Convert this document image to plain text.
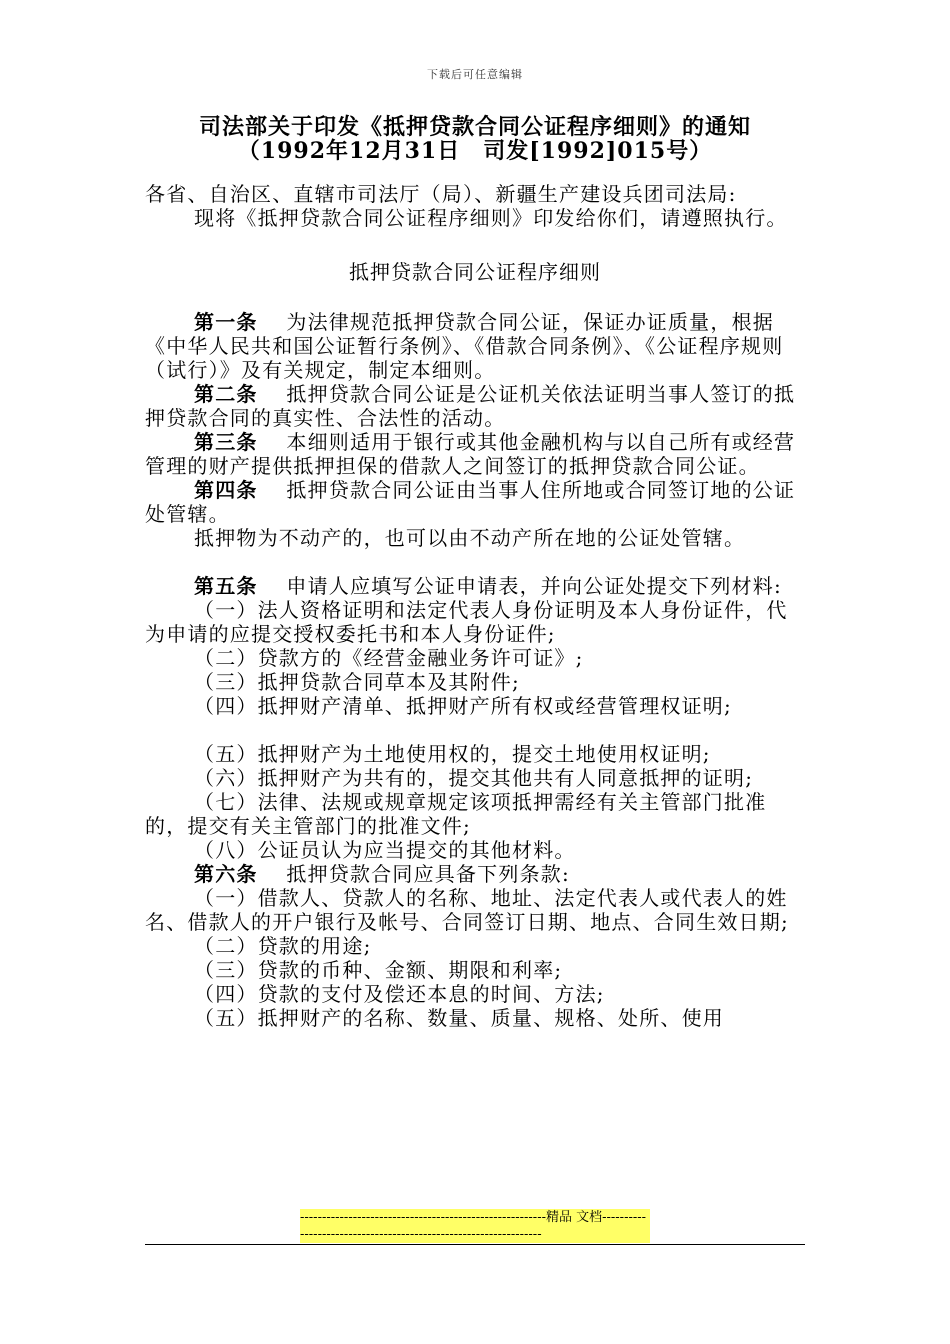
下载后可任意编辑
司法部关于印发《抵押贷款合同公证程序细则》的通知
（1992年12月31日　司发[1992]015号）

各省、自治区、直辖市司法厅（局）、新疆生产建设兵团司法局:

现将《抵押贷款合同公证程序细则》印发给你们，请遵照执行。

抵押贷款合同公证程序细则

第一条　 为法律规范抵押贷款合同公证，保证办证质量，根据《中华人民共和国公证暂行条例》、《借款合同条例》、《公证程序规则（试行）》及有关规定，制定本细则。

第二条　 抵押贷款合同公证是公证机关依法证明当事人签订的抵押贷款合同的真实性、合法性的活动。

第三条　 本细则适用于银行或其他金融机构与以自己所有或经营管理的财产提供抵押担保的借款人之间签订的抵押贷款合同公证。

第四条　 抵押贷款合同公证由当事人住所地或合同签订地的公证处管辖。

抵押物为不动产的，也可以由不动产所在地的公证处管辖。

第五条　 申请人应填写公证申请表，并向公证处提交下列材料:

（一）法人资格证明和法定代表人身份证明及本人身份证件，代为申请的应提交授权委托书和本人身份证件;

（二）贷款方的《经营金融业务许可证》;

（三）抵押贷款合同草本及其附件;

（四）抵押财产清单、抵押财产所有权或经营管理权证明;

（五）抵押财产为土地使用权的，提交土地使用权证明;

（六）抵押财产为共有的，提交其他共有人同意抵押的证明;

（七）法律、法规或规章规定该项抵押需经有关主管部门批准的，提交有关主管部门的批准文件;

（八）公证员认为应当提交的其他材料。

第六条　 抵押贷款合同应具备下列条款:

（一）借款人、贷款人的名称、地址、法定代表人或代表人的姓名、借款人的开户银行及帐号、合同签订日期、地点、合同生效日期;

（二）贷款的用途;

（三）贷款的币种、金额、期限和利率;

（四）贷款的支付及偿还本息的时间、方法;

（五）抵押财产的名称、数量、质量、规格、处所、使用

--------------------------------------------------------精品 文档-----------------------------------------------------------------
